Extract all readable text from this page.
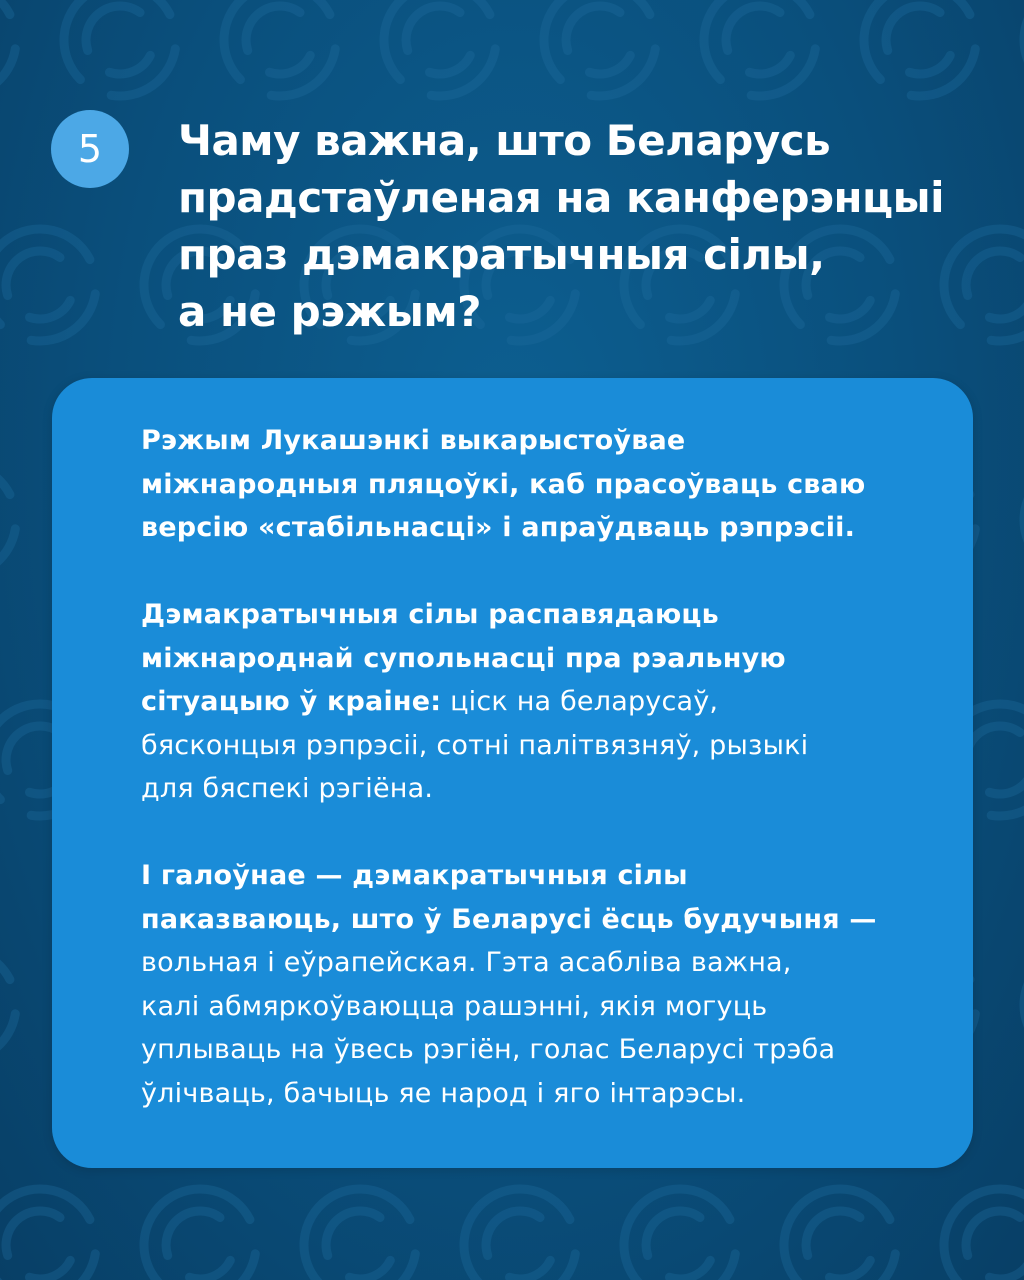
5 Чаму важна, што Беларусь
прадстаўленая на канферэнцыі
праз дэмакратычныя сілы,
а не рэжым?

Рэжым Лукашэнкі выкарыстоўвае
міжнародныя пляцоўкі, каб прасоўваць сваю
версію «стабільнасці» і апраўдваць рэпрэсіі.

Дэмакратычныя сілы распавядаюць
міжнароднай супольнасці пра рэальную
сітуацыю ў краіне: ціск на беларусаў,
бясконцыя рэпрэсіі, сотні палітвязняў, рызыкі
для бяспекі рэгіёна.

І галоўнае — дэмакратычныя сілы
паказваюць, што ў Беларусі ёсць будучыня —
вольная і еўрапейская. Гэта асабліва важна,
калі абмяркоўваюцца рашэнні, якія могуць
уплываць на ўвесь рэгіён, голас Беларусі трэба
ўлічваць, бачыць яе народ і яго інтарэсы.
